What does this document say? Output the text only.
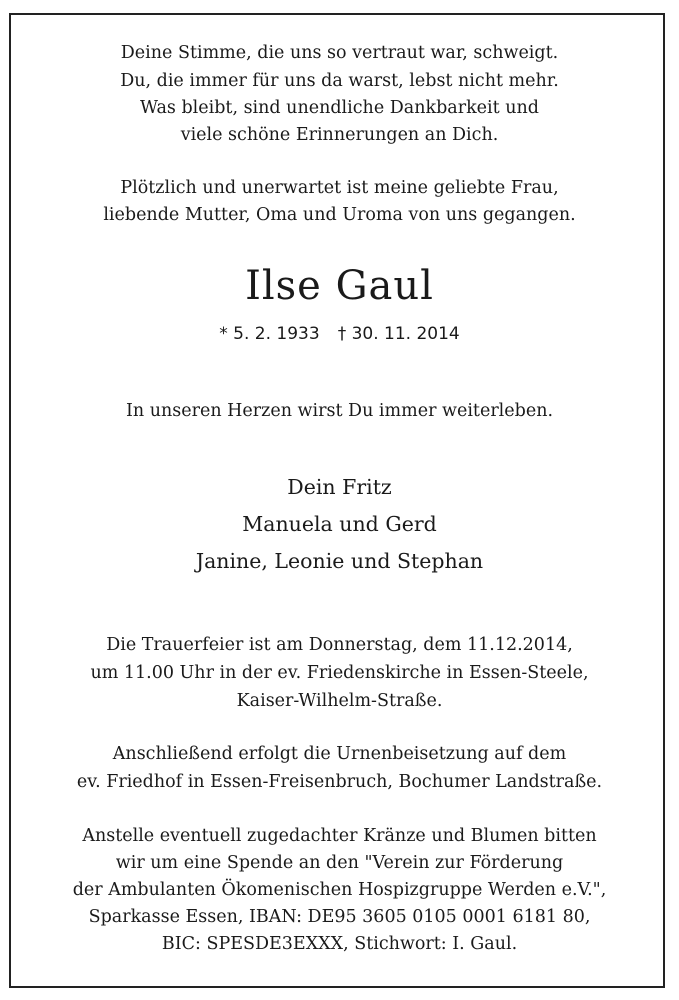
Deine Stimme, die uns so vertraut war, schweigt.
Du, die immer für uns da warst, lebst nicht mehr.
Was bleibt, sind unendliche Dankbarkeit und
viele schöne Erinnerungen an Dich.
Plötzlich und unerwartet ist meine geliebte Frau,
liebende Mutter, Oma und Uroma von uns gegangen.
Ilse Gaul
* 5. 2. 1933 † 30. 11. 2014
In unseren Herzen wirst Du immer weiterleben.
Dein Fritz
Manuela und Gerd
Janine, Leonie und Stephan
Die Trauerfeier ist am Donnerstag, dem 11.12.2014,
um 11.00 Uhr in der ev. Friedenskirche in Essen-Steele,
Kaiser-Wilhelm-Straße.
Anschließend erfolgt die Urnenbeisetzung auf dem
ev. Friedhof in Essen-Freisenbruch, Bochumer Landstraße.
Anstelle eventuell zugedachter Kränze und Blumen bitten
wir um eine Spende an den "Verein zur Förderung
der Ambulanten Ökomenischen Hospizgruppe Werden e.V.",
Sparkasse Essen, IBAN: DE95 3605 0105 0001 6181 80,
BIC: SPESDE3EXXX, Stichwort: I. Gaul.
